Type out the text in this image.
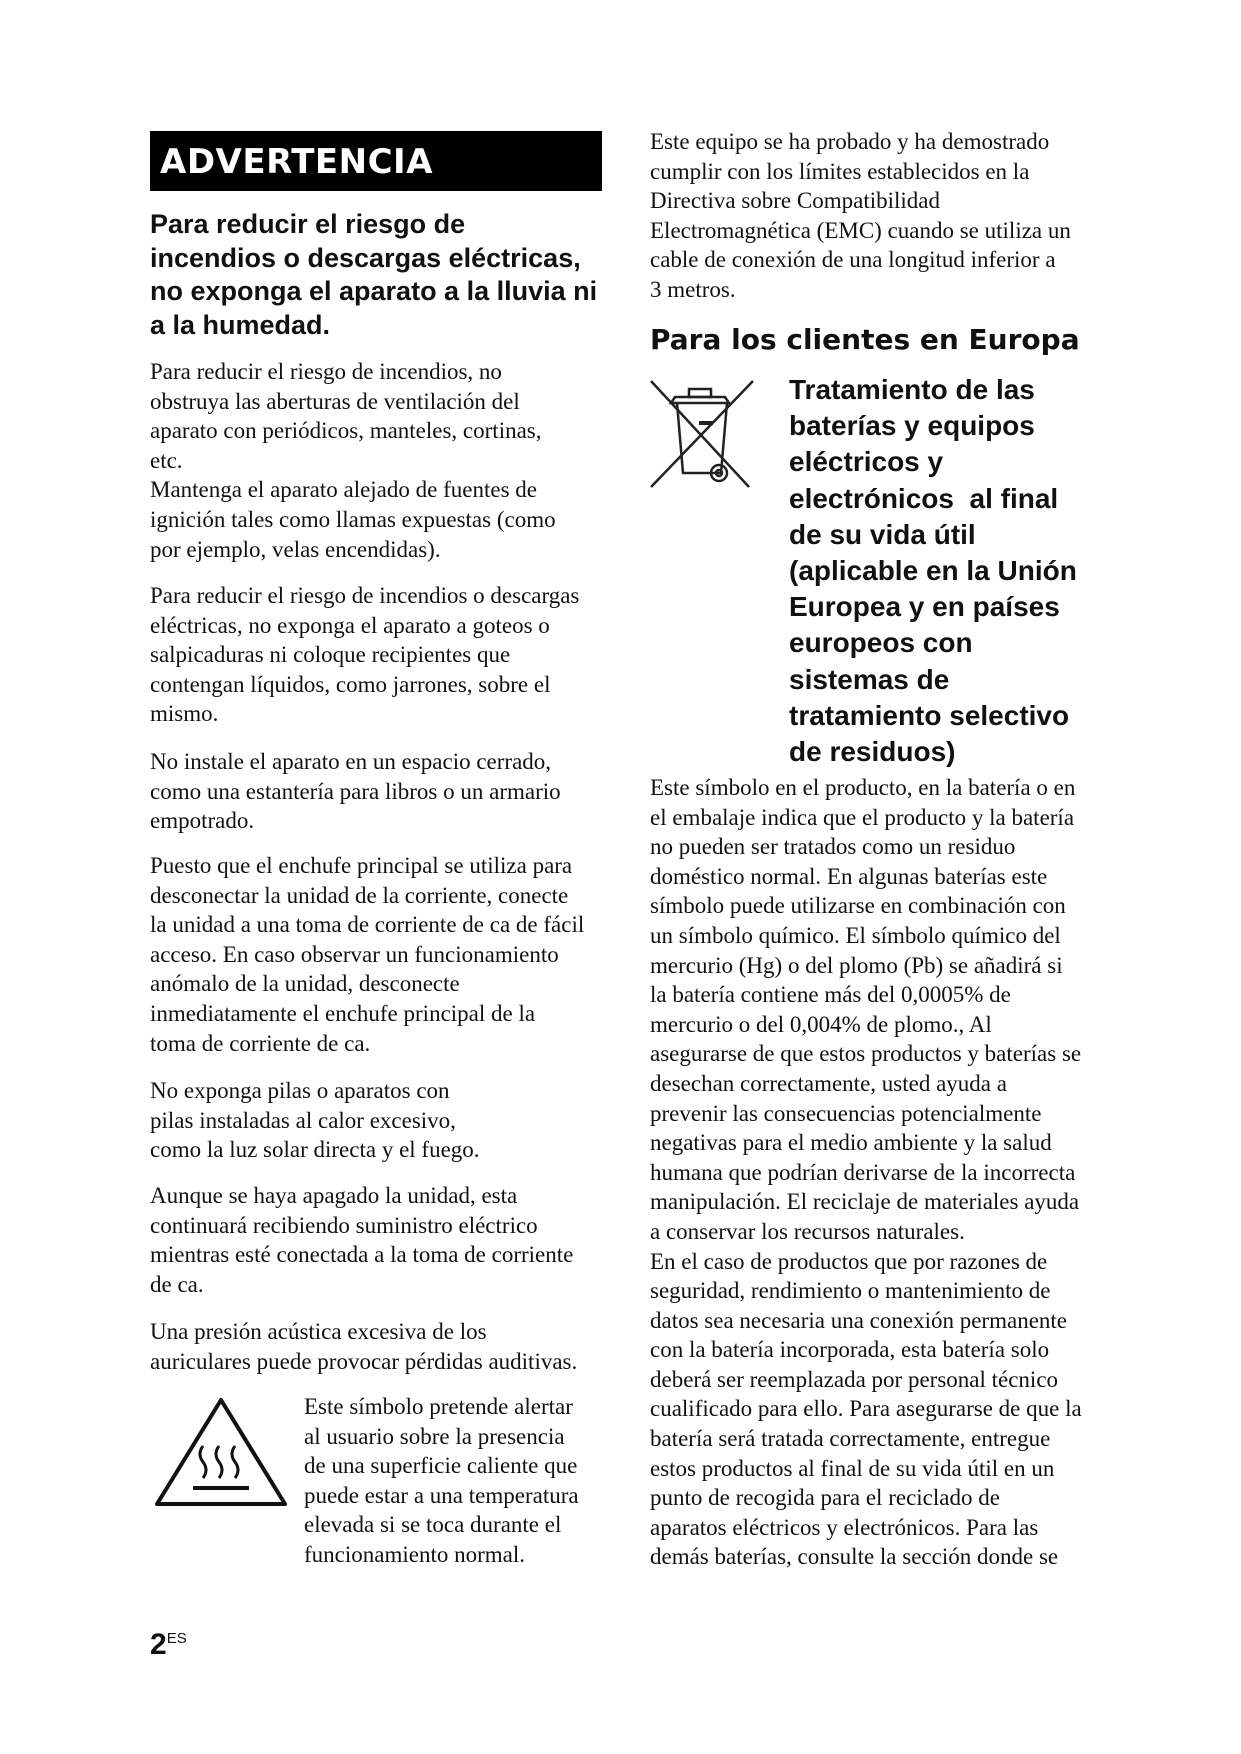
ADVERTENCIA
Para reducir el riesgo de
incendios o descargas eléctricas,
no exponga el aparato a la lluvia ni
a la humedad.

Para reducir el riesgo de incendios, no
obstruya las aberturas de ventilación del
aparato con periódicos, manteles, cortinas,
etc.
Mantenga el aparato alejado de fuentes de
ignición tales como llamas expuestas (como
por ejemplo, velas encendidas).

Para reducir el riesgo de incendios o descargas
eléctricas, no exponga el aparato a goteos o
salpicaduras ni coloque recipientes que
contengan líquidos, como jarrones, sobre el
mismo.

No instale el aparato en un espacio cerrado,
como una estantería para libros o un armario
empotrado.

Puesto que el enchufe principal se utiliza para
desconectar la unidad de la corriente, conecte
la unidad a una toma de corriente de ca de fácil
acceso. En caso observar un funcionamiento
anómalo de la unidad, desconecte
inmediatamente el enchufe principal de la
toma de corriente de ca.

No exponga pilas o aparatos con
pilas instaladas al calor excesivo,
como la luz solar directa y el fuego.

Aunque se haya apagado la unidad, esta
continuará recibiendo suministro eléctrico
mientras esté conectada a la toma de corriente
de ca.

Una presión acústica excesiva de los
auriculares puede provocar pérdidas auditivas.

Este símbolo pretende alertar
al usuario sobre la presencia
de una superficie caliente que
puede estar a una temperatura
elevada si se toca durante el
funcionamiento normal.

Este equipo se ha probado y ha demostrado
cumplir con los límites establecidos en la
Directiva sobre Compatibilidad
Electromagnética (EMC) cuando se utiliza un
cable de conexión de una longitud inferior a
3 metros.

Para los clientes en Europa
Tratamiento de las
baterías y equipos
eléctricos y
electrónicos  al final
de su vida útil
(aplicable en la Unión
Europea y en países
europeos con
sistemas de
tratamiento selectivo
de residuos)

Este símbolo en el producto, en la batería o en
el embalaje indica que el producto y la batería
no pueden ser tratados como un residuo
doméstico normal. En algunas baterías este
símbolo puede utilizarse en combinación con
un símbolo químico. El símbolo químico del
mercurio (Hg) o del plomo (Pb) se añadirá si
la batería contiene más del 0,0005% de
mercurio o del 0,004% de plomo., Al
asegurarse de que estos productos y baterías se
desechan correctamente, usted ayuda a
prevenir las consecuencias potencialmente
negativas para el medio ambiente y la salud
humana que podrían derivarse de la incorrecta
manipulación. El reciclaje de materiales ayuda
a conservar los recursos naturales.
En el caso de productos que por razones de
seguridad, rendimiento o mantenimiento de
datos sea necesaria una conexión permanente
con la batería incorporada, esta batería solo
deberá ser reemplazada por personal técnico
cualificado para ello. Para asegurarse de que la
batería será tratada correctamente, entregue
estos productos al final de su vida útil en un
punto de recogida para el reciclado de
aparatos eléctricos y electrónicos. Para las
demás baterías, consulte la sección donde se

$2^{ES}$
